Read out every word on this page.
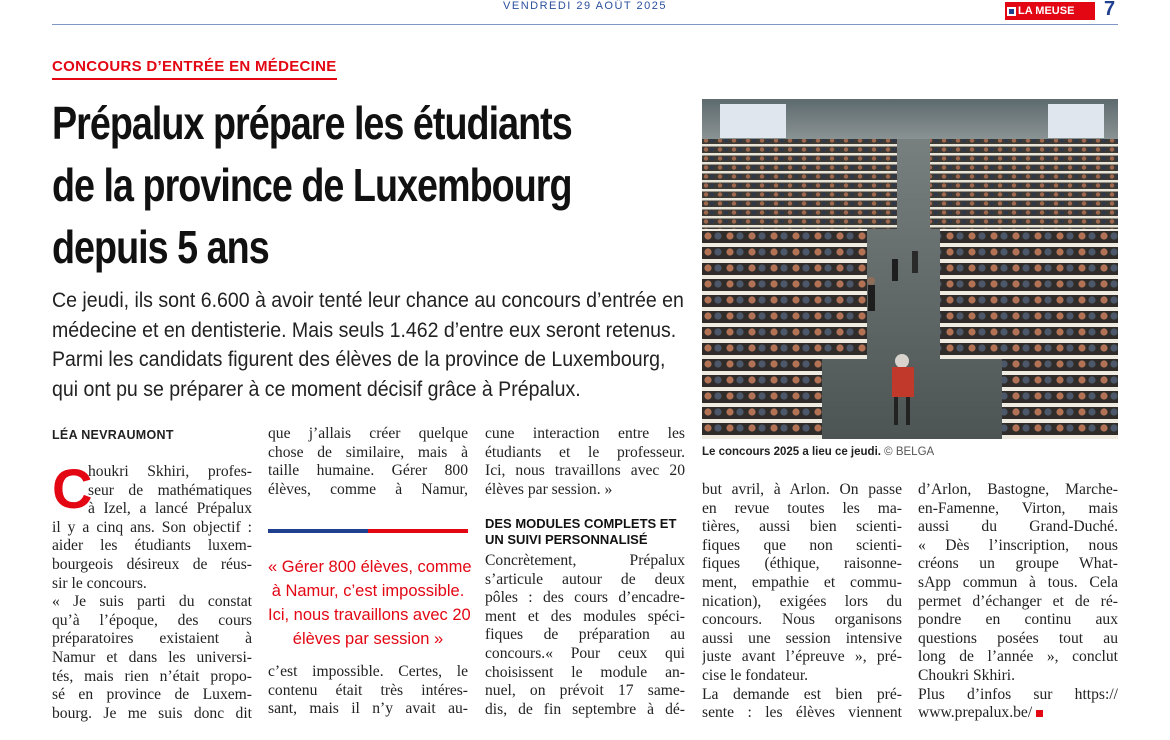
VENDREDI 29 AOÛT 2025	LA MEUSE 7
CONCOURS D’ENTRÉE EN MÉDECINE
Prépalux prépare les étudiants
de la province de Luxembourg
depuis 5 ans

Ce jeudi, ils sont 6.600 à avoir tenté leur chance au concours d’entrée en
médecine et en dentisterie. Mais seuls 1.462 d’entre eux seront retenus.
Parmi les candidats figurent des élèves de la province de Luxembourg,
qui ont pu se préparer à ce moment décisif grâce à Prépalux.

Le concours 2025 a lieu ce jeudi. © BELGA
LÉA NEVRAUMONT
C
houkri Skhiri, profes-
seur de mathématiques
à Izel, a lancé Prépalux
il y a cinq ans. Son objectif :
aider les étudiants luxem-
bourgeois désireux de réus-
sir le concours.
« Je suis parti du constat
qu’à l’époque, des cours
préparatoires existaient à
Namur et dans les universi-
tés, mais rien n’était propo-
sé en province de Luxem-
bourg. Je me suis donc dit
que j’allais créer quelque
chose de similaire, mais à
taille humaine. Gérer 800
élèves, comme à Namur,
« Gérer 800 élèves, comme
à Namur, c’est impossible.
Ici, nous travaillons avec 20
élèves par session »
c’est impossible. Certes, le
contenu était très intéres-
sant, mais il n’y avait au-
cune interaction entre les
étudiants et le professeur.
Ici, nous travaillons avec 20
élèves par session. »
DES MODULES COMPLETS ET
UN SUIVI PERSONNALISÉ
Concrètement, Prépalux
s’articule autour de deux
pôles : des cours d’encadre-
ment et des modules spéci-
fiques de préparation au
concours.« Pour ceux qui
choisissent le module an-
nuel, on prévoit 17 same-
dis, de fin septembre à dé-
but avril, à Arlon. On passe
en revue toutes les ma-
tières, aussi bien scienti-
fiques que non scienti-
fiques (éthique, raisonne-
ment, empathie et commu-
nication), exigées lors du
concours. Nous organisons
aussi une session intensive
juste avant l’épreuve », pré-
cise le fondateur.
La demande est bien pré-
sente : les élèves viennent
d’Arlon, Bastogne, Marche-
en-Famenne, Virton, mais
aussi du Grand-Duché.
« Dès l’inscription, nous
créons un groupe What-
sApp commun à tous. Cela
permet d’échanger et de ré-
pondre en continu aux
questions posées tout au
long de l’année », conclut
Choukri Skhiri.
Plus d’infos sur https://
www.prepalux.be/
